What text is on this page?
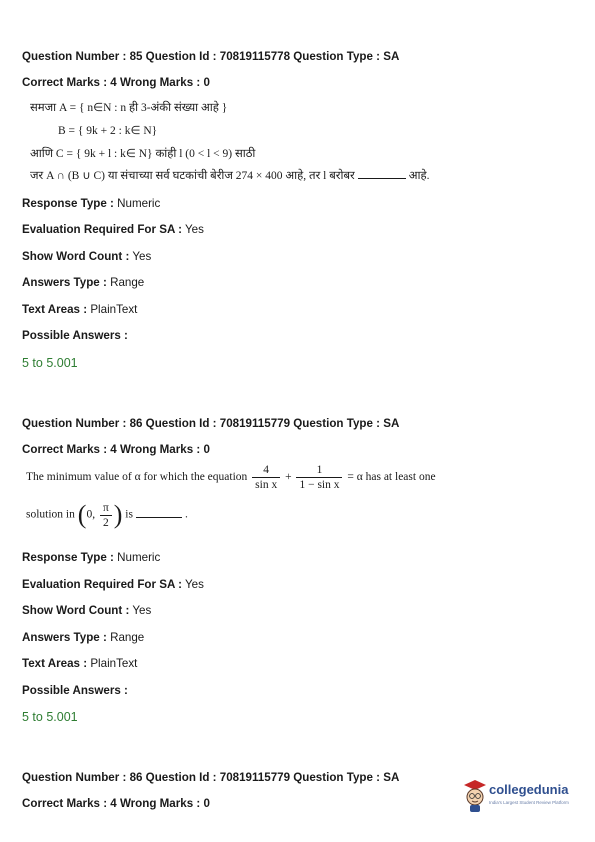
Question Number : 85 Question Id : 70819115778 Question Type : SA
Correct Marks : 4 Wrong Marks : 0
समजा A = { n∈N : n ही 3-अंकी संख्या आहे }
B = { 9k + 2 : k∈ N}
आणि C = { 9k + l : k∈ N} कांही l (0 < l < 9) साठी
जर A ∩ (B ∪ C) या संचाच्या सर्व घटकांची बेरीज 274 × 400 आहे, तर l बरोबर	आहे.
Response Type : Numeric
Evaluation Required For SA : Yes
Show Word Count : Yes
Answers Type : Range
Text Areas : PlainText
Possible Answers :
5 to 5.001
Question Number : 86 Question Id : 70819115779 Question Type : SA
Correct Marks : 4 Wrong Marks : 0
The minimum value of α for which the equation $\frac{4}{\text{sin x}} + \frac{1}{\text{1 − sin x}} = \alpha$ has at least one
solution in (0, $\frac{\pi}{2}$ ) is	.
Response Type : Numeric
Evaluation Required For SA : Yes
Show Word Count : Yes
Answers Type : Range
Text Areas : PlainText
Possible Answers :
5 to 5.001
Question Number : 86 Question Id : 70819115779 Question Type : SA
Correct Marks : 4 Wrong Marks : 0
collegedunia
India's Largest Student Review Platform
